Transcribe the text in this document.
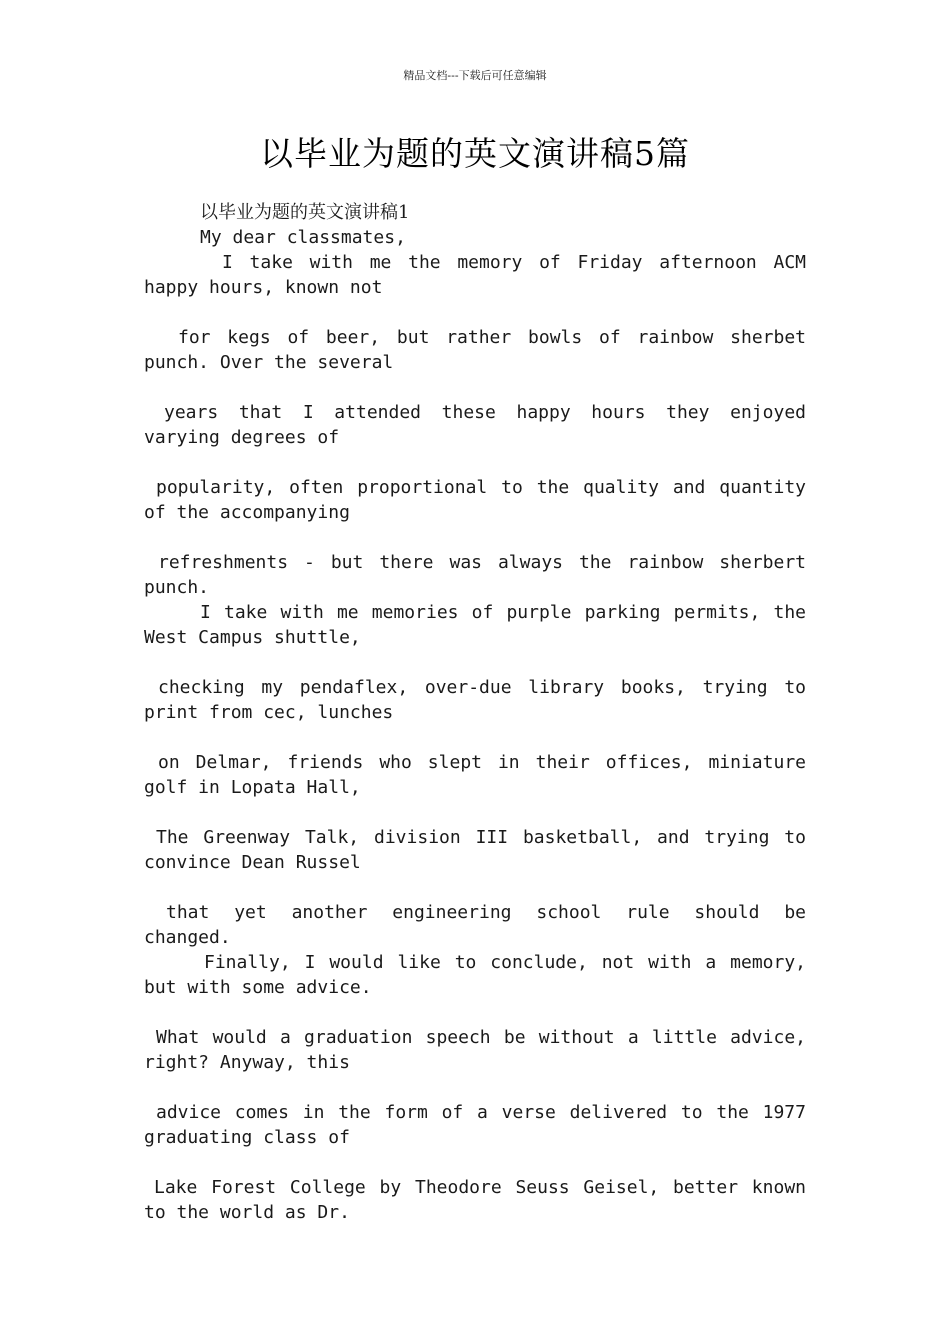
精品文档---下载后可任意编辑
以毕业为题的英文演讲稿5篇
以毕业为题的英文演讲稿1
My dear classmates,
I take with me the memory of Friday afternoon ACM
happy hours, known not
for kegs of beer, but rather bowls of rainbow sherbet
punch. Over the several
years that I attended these happy hours they enjoyed
varying degrees of
popularity, often proportional to the quality and quantity
of the accompanying
refreshments - but there was always the rainbow sherbert
punch.
I take with me memories of purple parking permits, the
West Campus shuttle,
checking my pendaflex, over-due library books, trying to
print from cec, lunches
on Delmar, friends who slept in their offices, miniature
golf in Lopata Hall,
The Greenway Talk, division III basketball, and trying to
convince Dean Russel
that yet another engineering school rule should be
changed.
Finally, I would like to conclude, not with a memory,
but with some advice.
What would a graduation speech be without a little advice,
right? Anyway, this
advice comes in the form of a verse delivered to the 1977
graduating class of
Lake Forest College by Theodore Seuss Geisel, better known
to the world as Dr.
